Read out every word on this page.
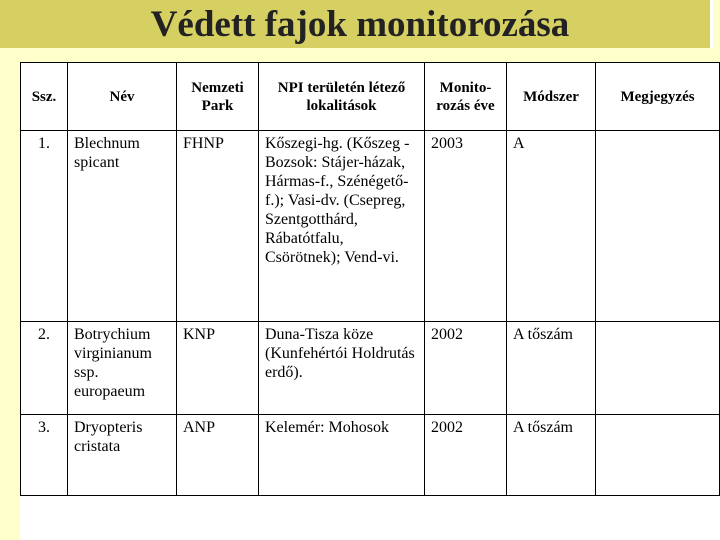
Védett fajok monitorozása
Ssz.	Név	Nemzeti Park	NPI területén létező lokalitások	Monito-rozás éve	Módszer	Megjegyzés
1.	Blechnum spicant	FHNP	Kőszegi-hg. (Kőszeg -Bozsok: Stájer-házak, Hármas-f., Szénégető-f.); Vasi-dv. (Csepreg, Szentgotthárd, Rábatótfalu, Csörötnek); Vend-vi.	2003	A	
2.	Botrychium virginianum ssp. europaeum	KNP	Duna-Tisza köze (Kunfehértói Holdrutás erdő).	2002	A tőszám	
3.	Dryopteris cristata	ANP	Kelemér: Mohosok	2002	A tőszám	
